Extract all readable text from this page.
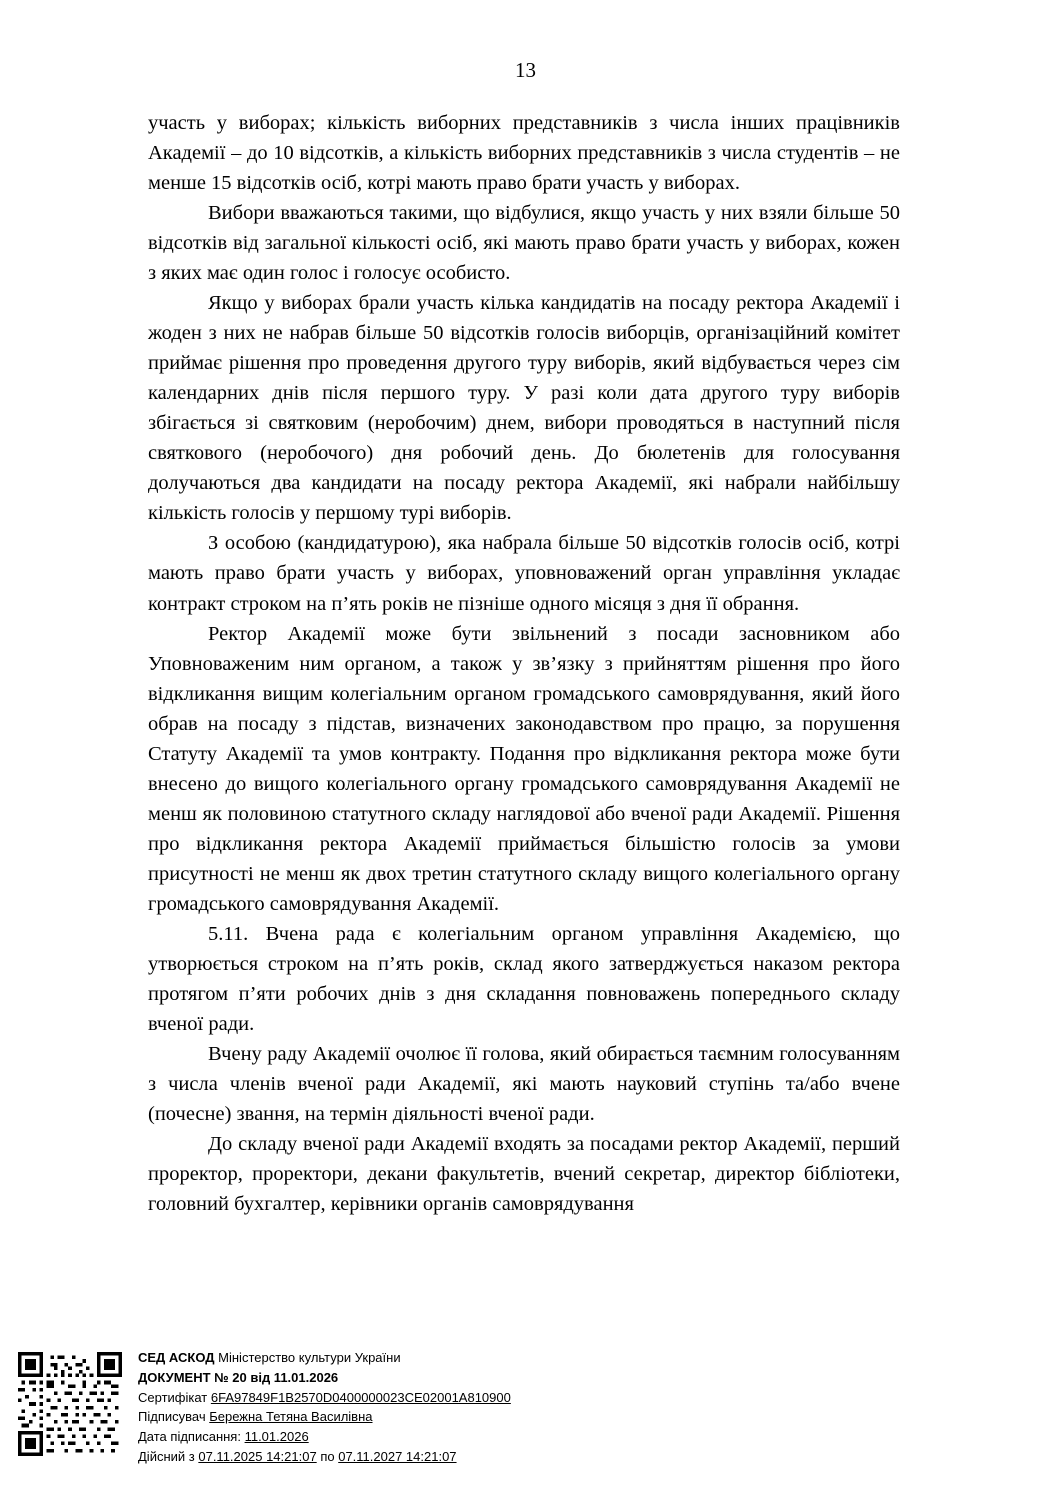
13

участь у виборах; кількість виборних представників з числа інших працівників Академії – до 10 відсотків, а кількість виборних представників з числа студентів – не менше 15 відсотків осіб, котрі мають право брати участь у виборах.

Вибори вважаються такими, що відбулися, якщо участь у них взяли більше 50 відсотків від загальної кількості осіб, які мають право брати участь у виборах, кожен з яких має один голос і голосує особисто.

Якщо у виборах брали участь кілька кандидатів на посаду ректора Академії і жоден з них не набрав більше 50 відсотків голосів виборців, організаційний комітет приймає рішення про проведення другого туру виборів, який відбувається через сім календарних днів після першого туру. У разі коли дата другого туру виборів збігається зі святковим (неробочим) днем, вибори проводяться в наступний після святкового (неробочого) дня робочий день. До бюлетенів для голосування долучаються два кандидати на посаду ректора Академії, які набрали найбільшу кількість голосів у першому турі виборів.

З особою (кандидатурою), яка набрала більше 50 відсотків голосів осіб, котрі мають право брати участь у виборах, уповноважений орган управління укладає контракт строком на п’ять років не пізніше одного місяця з дня її обрання.

Ректор Академії може бути звільнений з посади засновником або Уповноваженим ним органом, а також у зв’язку з прийняттям рішення про його відкликання вищим колегіальним органом громадського самоврядування, який його обрав на посаду з підстав, визначених законодавством про працю, за порушення Статуту Академії та умов контракту. Подання про відкликання ректора може бути внесено до вищого колегіального органу громадського самоврядування Академії не менш як половиною статутного складу наглядової або вченої ради Академії. Рішення про відкликання ректора Академії приймається більшістю голосів за умови присутності не менш як двох третин статутного складу вищого колегіального органу громадського самоврядування Академії.

5.11. Вчена рада є колегіальним органом управління Академією, що утворюється строком на п’ять років, склад якого затверджується наказом ректора протягом п’яти робочих днів з дня складання повноважень попереднього складу вченої ради.

Вчену раду Академії очолює її голова, який обирається таємним голосуванням з числа членів вченої ради Академії, які мають науковий ступінь та/або вчене (почесне) звання, на термін діяльності вченої ради.

До складу вченої ради Академії входять за посадами ректор Академії, перший проректор, проректори, декани факультетів, вчений секретар, директор бібліотеки, головний бухгалтер, керівники органів самоврядування

СЕД АСКОД Міністерство культури України
ДОКУМЕНТ № 20 від 11.01.2026
Сертифікат 6FA97849F1B2570D0400000023CE02001A810900
Підписувач Бережна Тетяна Василівна
Дата підписання: 11.01.2026
Дійсний з 07.11.2025 14:21:07 по 07.11.2027 14:21:07
